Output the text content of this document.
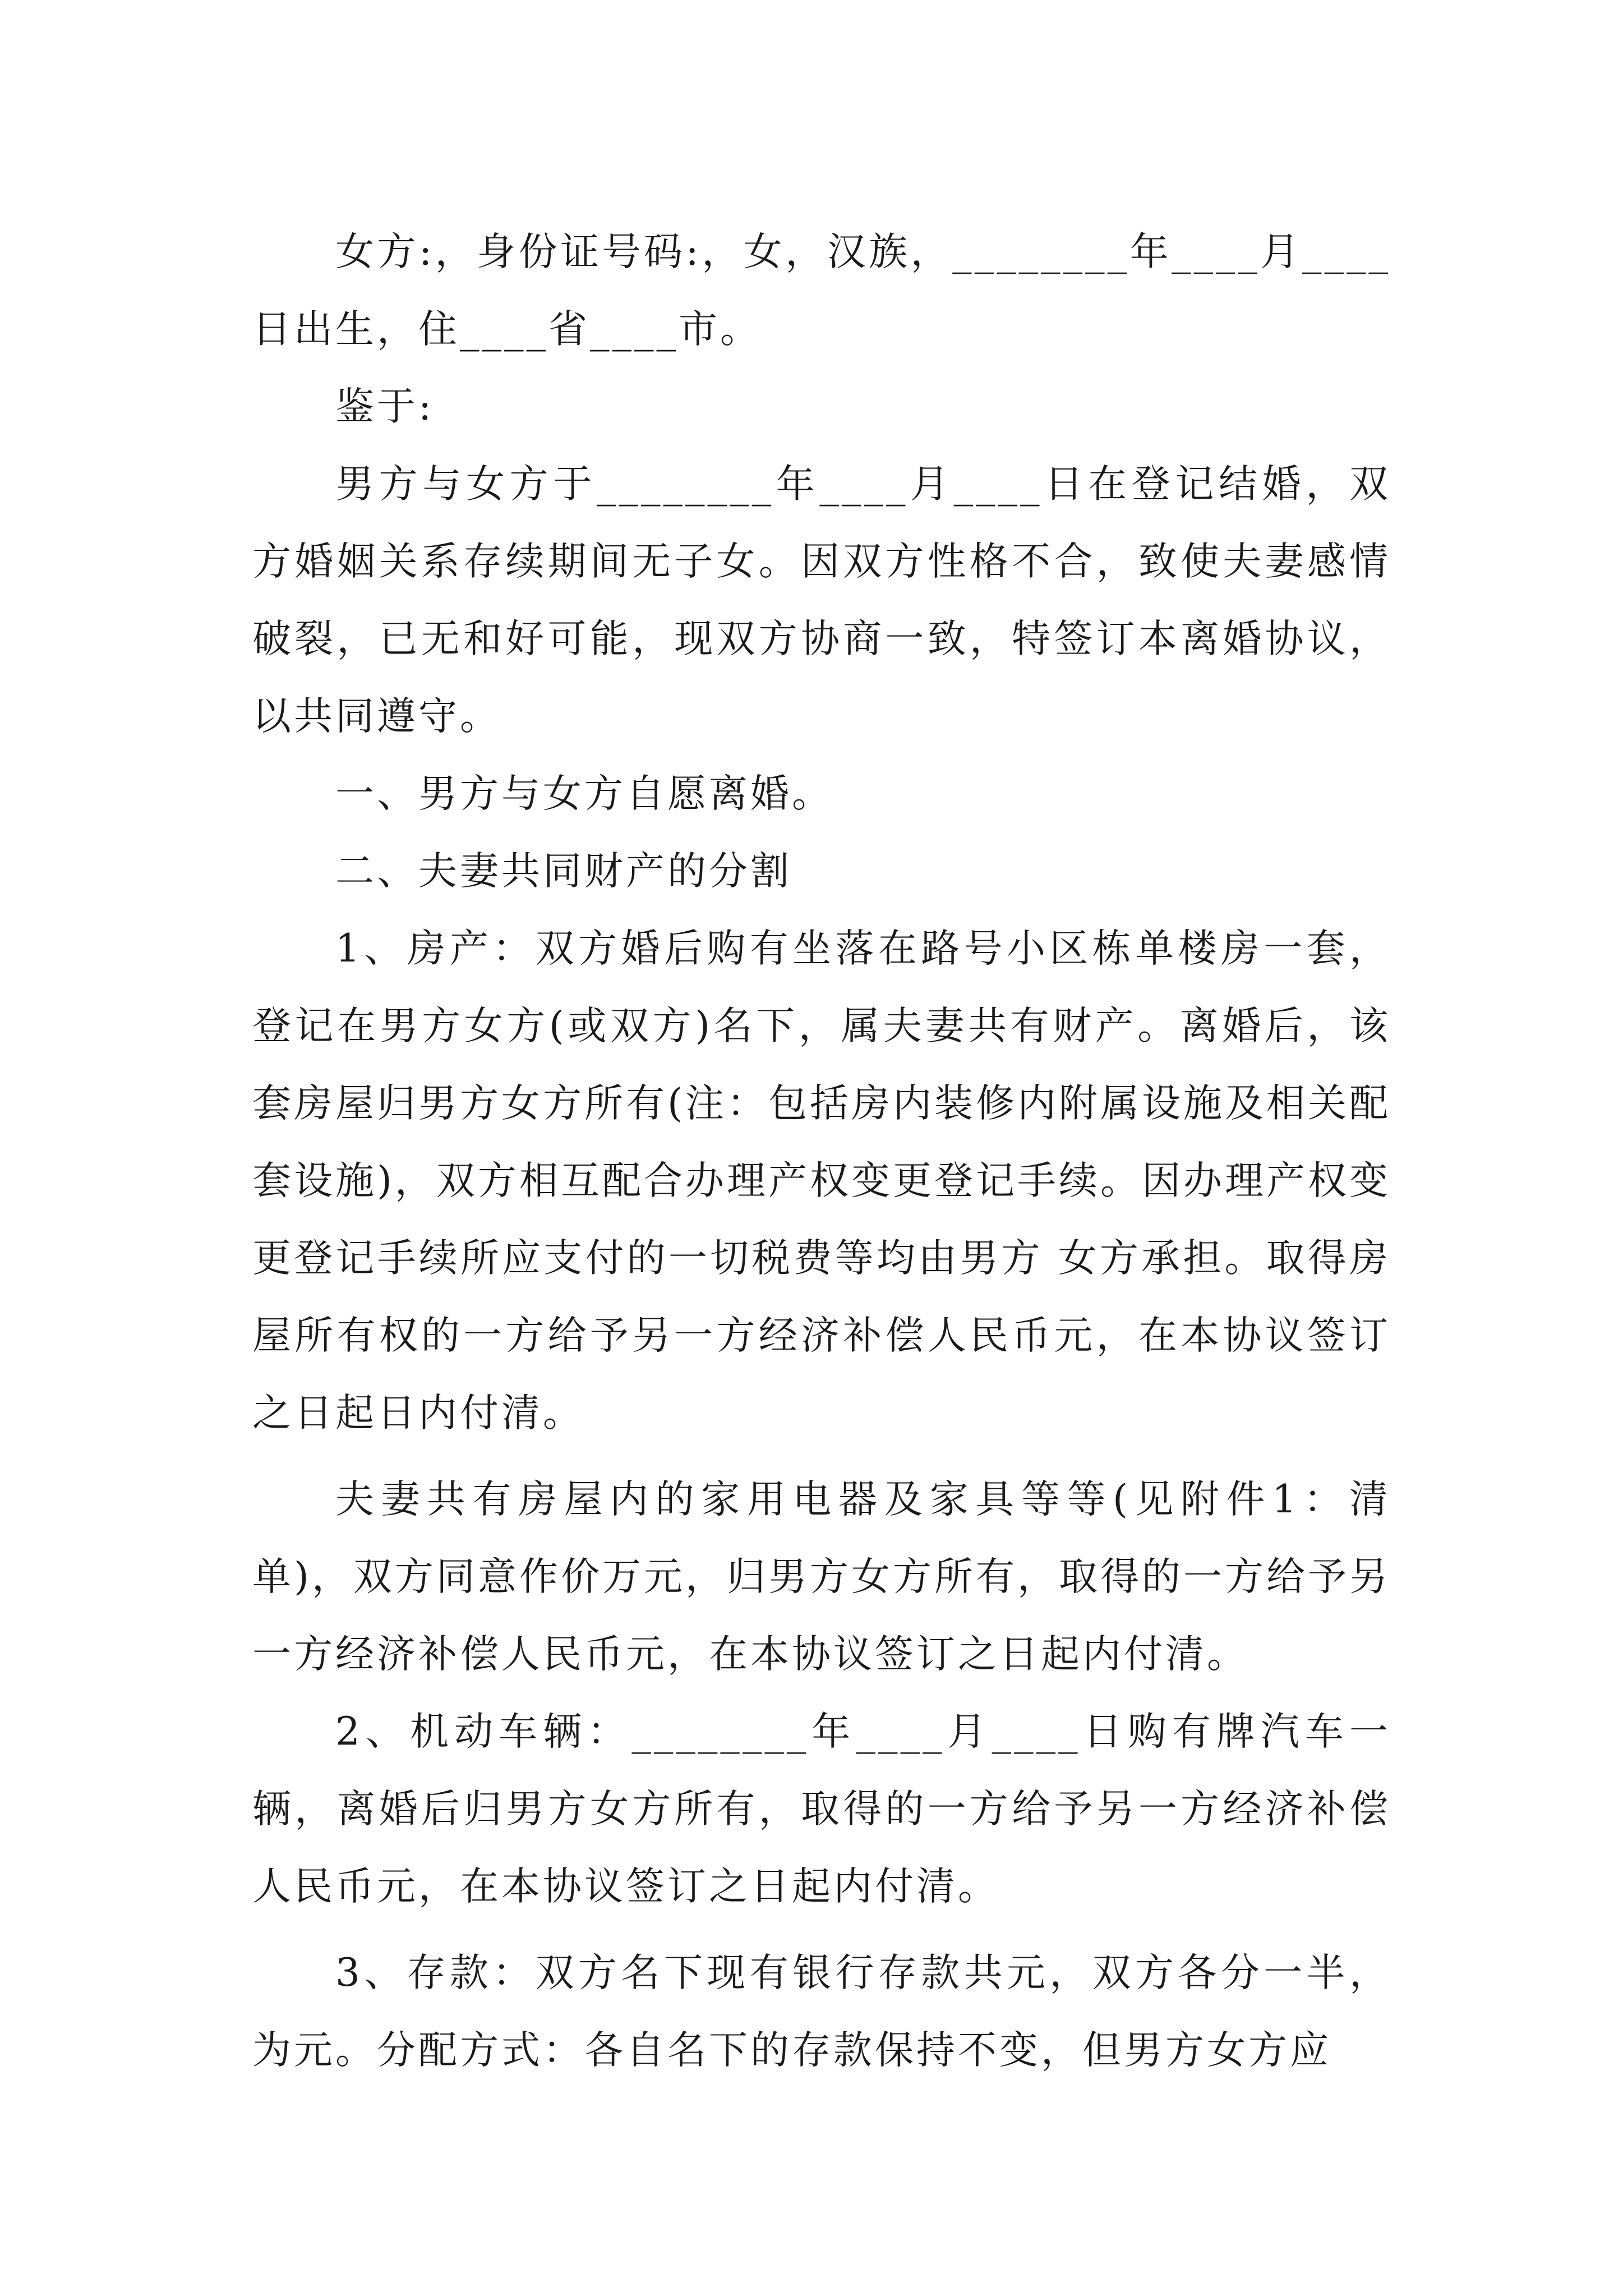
女方:，身份证号码:，女，汉族，________年____月____日出生，住____省____市。

鉴于:

男方与女方于________年____月____日在登记结婚，双方婚姻关系存续期间无子女。因双方性格不合，致使夫妻感情破裂，已无和好可能，现双方协商一致，特签订本离婚协议，以共同遵守。

一、男方与女方自愿离婚。

二、夫妻共同财产的分割

1、房产：双方婚后购有坐落在路号小区栋单楼房一套，登记在男方女方(或双方)名下，属夫妻共有财产。离婚后，该套房屋归男方女方所有(注：包括房内装修内附属设施及相关配套设施)，双方相互配合办理产权变更登记手续。因办理产权变更登记手续所应支付的一切税费等均由男方 女方承担。取得房屋所有权的一方给予另一方经济补偿人民币元，在本协议签订之日起日内付清。

夫妻共有房屋内的家用电器及家具等等(见附件1：清单)，双方同意作价万元，归男方女方所有，取得的一方给予另一方经济补偿人民币元，在本协议签订之日起内付清。

2、机动车辆：________年____月____日购有牌汽车一辆，离婚后归男方女方所有，取得的一方给予另一方经济补偿人民币元，在本协议签订之日起内付清。

3、存款：双方名下现有银行存款共元，双方各分一半，为元。分配方式：各自名下的存款保持不变，但男方女方应
